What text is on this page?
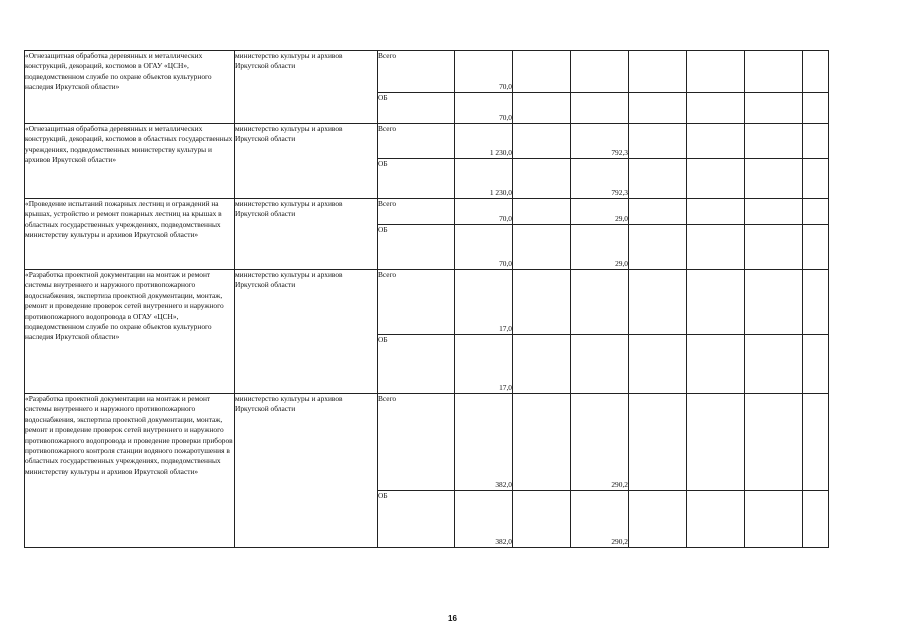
«Огнезащитная обработка деревянных и металлических конструкций, декораций, костюмов в ОГАУ «ЦСН», подведомственном службе по охране объектов культурного наследия Иркутской области»	министерство культуры и архивов Иркутской области	Всего	70,0						
		ОБ	70,0						
«Огнезащитная обработка деревянных и металлических конструкций, декораций, костюмов в областных государственных учреждениях, подведомственных министерству культуры и архивов Иркутской области»	министерство культуры и архивов Иркутской области	Всего	1 230,0		792,3				
		ОБ	1 230,0		792,3				
«Проведение испытаний пожарных лестниц и ограждений на крышах, устройство и ремонт пожарных лестниц на крышах в областных государственных учреждениях, подведомственных министерству культуры и архивов Иркутской области»	министерство культуры и архивов Иркутской области	Всего	70,0		29,0				
		ОБ	70,0		29,0				
«Разработка проектной документации на монтаж и ремонт системы внутреннего и наружного противопожарного водоснабжения, экспертиза проектной документации, монтаж, ремонт и проведение проверок сетей внутреннего и наружного противопожарного водопровода в ОГАУ «ЦСН», подведомственном службе по охране объектов культурного наследия Иркутской области»	министерство культуры и архивов Иркутской области	Всего	17,0						
		ОБ	17,0						
«Разработка проектной документации на монтаж и ремонт системы внутреннего и наружного противопожарного водоснабжения, экспертиза проектной документации, монтаж, ремонт и проведение проверок сетей внутреннего и наружного противопожарного водопровода и проведение проверки приборов противопожарного контроля станции водяного пожаротушения в областных государственных учреждениях, подведомственных министерству культуры и архивов Иркутской области»	министерство культуры и архивов Иркутской области	Всего	382,0		290,2				
		ОБ	382,0		290,2				
16
